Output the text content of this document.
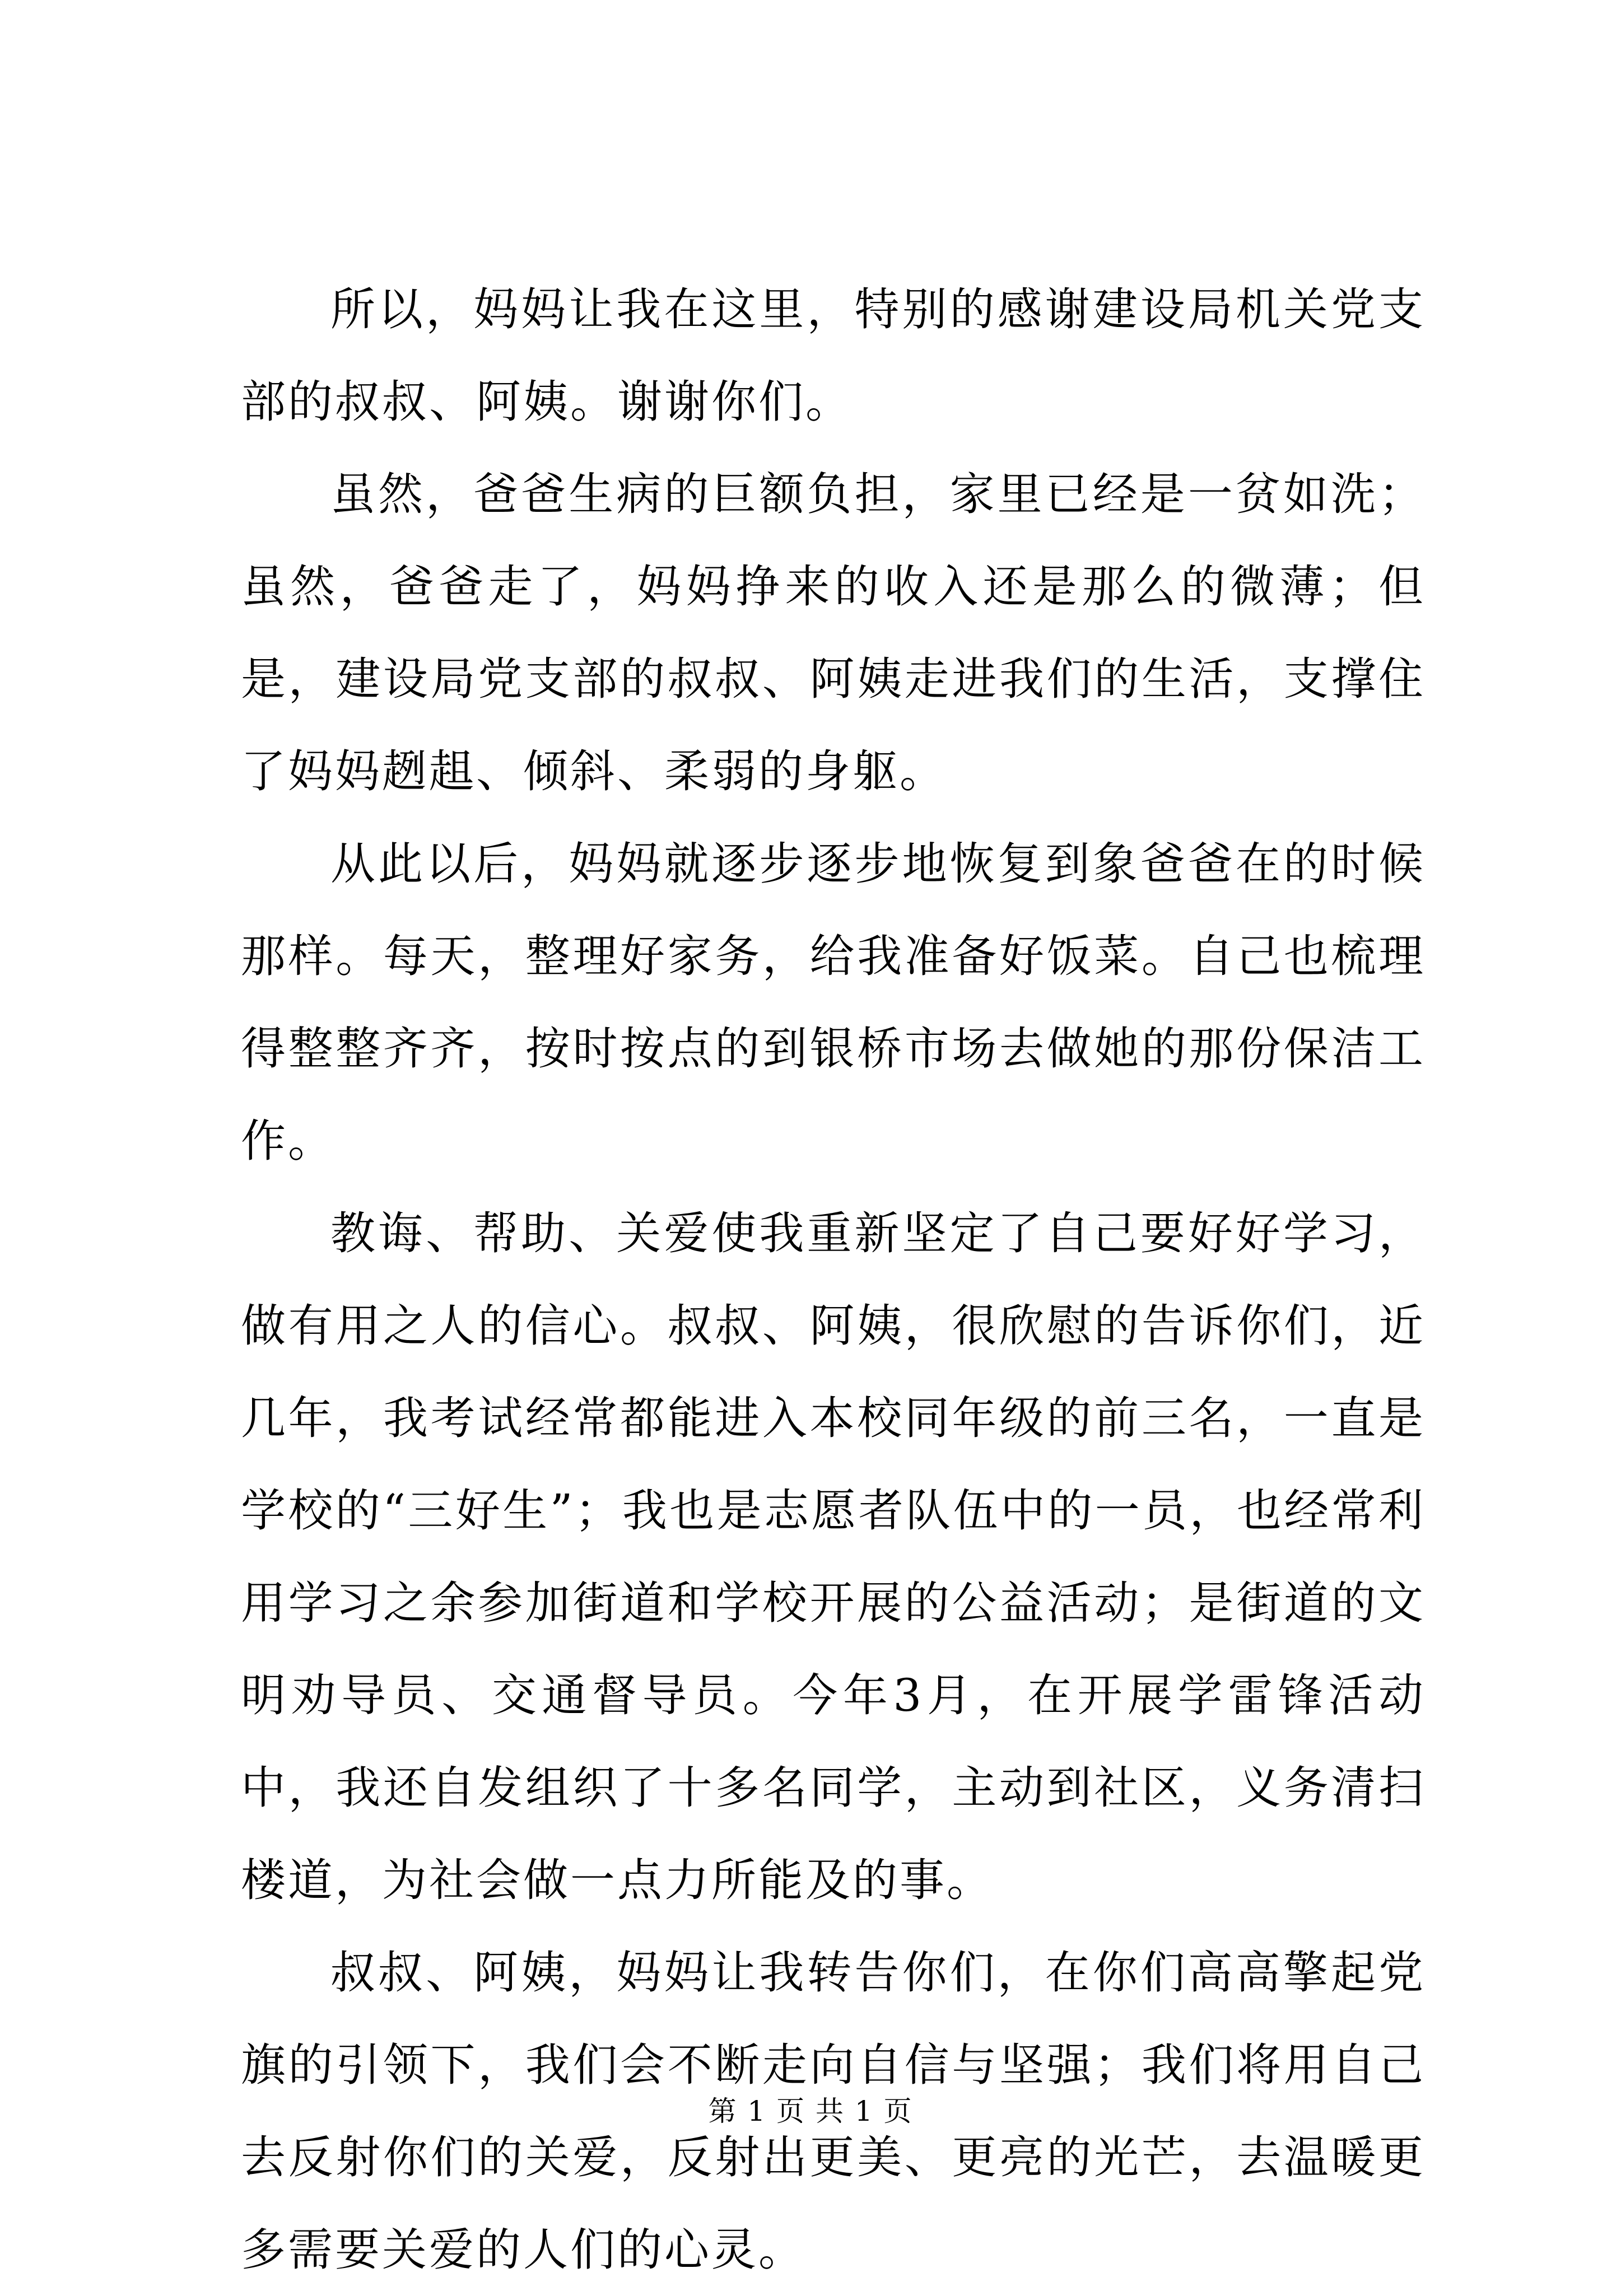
所以，妈妈让我在这里，特别的感谢建设局机关党支部的叔叔、阿姨。谢谢你们。

虽然，爸爸生病的巨额负担，家里已经是一贫如洗；虽然，爸爸走了，妈妈挣来的收入还是那么的微薄；但是，建设局党支部的叔叔、阿姨走进我们的生活，支撑住了妈妈趔趄、倾斜、柔弱的身躯。

从此以后，妈妈就逐步逐步地恢复到象爸爸在的时候那样。每天，整理好家务，给我准备好饭菜。自己也梳理得整整齐齐，按时按点的到银桥市场去做她的那份保洁工作。

教诲、帮助、关爱使我重新坚定了自己要好好学习，做有用之人的信心。叔叔、阿姨，很欣慰的告诉你们，近几年，我考试经常都能进入本校同年级的前三名，一直是学校的“三好生”；我也是志愿者队伍中的一员，也经常利用学习之余参加街道和学校开展的公益活动；是街道的文明劝导员、交通督导员。今年3月，在开展学雷锋活动中，我还自发组织了十多名同学，主动到社区，义务清扫楼道，为社会做一点力所能及的事。

叔叔、阿姨，妈妈让我转告你们，在你们高高擎起党旗的引领下，我们会不断走向自信与坚强；我们将用自己去反射你们的关爱，反射出更美、更亮的光芒，去温暖更多需要关爱的人们的心灵。

第 1 页 共 1 页
